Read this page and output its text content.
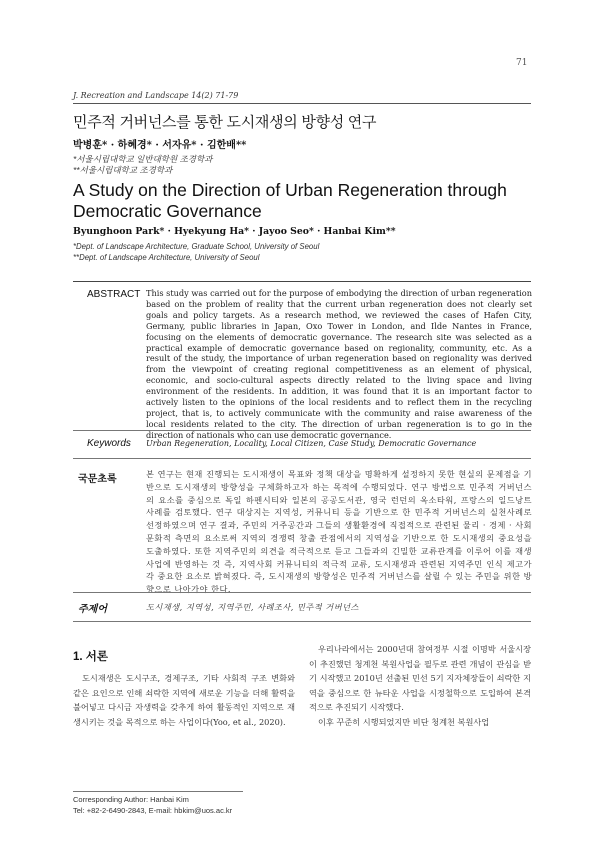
71
J. Recreation and Landscape 14(2) 71-79
민주적 거버넌스를 통한 도시재생의 방향성 연구
박병훈* · 하혜경* · 서자유* · 김한배**
*서울시립대학교 일반대학원 조경학과
**서울시립대학교 조경학과
A Study on the Direction of Urban Regeneration through Democratic Governance
Byunghoon Park* · Hyekyung Ha* · Jayoo Seo* · Hanbai Kim**
*Dept. of Landscape Architecture, Graduate School, University of Seoul
**Dept. of Landscape Architecture, University of Seoul
ABSTRACT This study was carried out for the purpose of embodying the direction of urban regeneration based on the problem of reality that the current urban regeneration does not clearly set goals and policy targets. As a research method, we reviewed the cases of Hafen City, Germany, public libraries in Japan, Oxo Tower in London, and Ilde Nantes in France, focusing on the elements of democratic governance. The research site was selected as a practical example of democratic governance based on regionality, community, etc. As a result of the study, the importance of urban regeneration based on regionality was derived from the viewpoint of creating regional competitiveness as an element of physical, economic, and socio-cultural aspects directly related to the living space and living environment of the residents. In addition, it was found that it is an important factor to actively listen to the opinions of the local residents and to reflect them in the recycling project, that is, to actively communicate with the community and raise awareness of the local residents related to the city. The direction of urban regeneration is to go in the direction of nationals who can use democratic governance.
Keywords Urban Regeneration, Locality, Local Citizen, Case Study, Democratic Governance
국문초록	본 연구는 현재 진행되는 도시재생이 목표와 정책 대상을 명확하게 설정하지 못한 현실의 문제점을 기반으로 도시재생의 방향성을 구체화하고자 하는 목적에 수행되었다. 연구 방법으로 민주적 거버넌스의 요소를 중심으로 독일 하펜시티와 일본의 공공도서관, 영국 런던의 옥소타워, 프랑스의 일드낭트 사례를 검토했다. 연구 대상지는 지역성, 커뮤니티 등을 기반으로 한 민주적 거버넌스의 실천사례로 선정하였으며 연구 결과, 주민의 거주공간과 그들의 생활환경에 직접적으로 관련된 물리 · 경제 · 사회문화적 측면의 요소로써 지역의 경쟁력 창출 관점에서의 지역성을 기반으로 한 도시재생의 중요성을 도출하였다. 또한 지역주민의 의견을 적극적으로 듣고 그들과의 긴밀한 교류관계를 이루어 이를 재생사업에 반영하는 것 즉, 지역사회 커뮤니티의 적극적 교류, 도시재생과 관련된 지역주민 인식 제고가 각 중요한 요소로 밝혀졌다. 즉, 도시재생의 방향성은 민주적 거버넌스를 살릴 수 있는 주민을 위한 방향으로 나아가야 한다.
주제어	도시재생, 지역성, 지역주민, 사례조사, 민주적 거버넌스
1. 서론

도시재생은 도시구조, 경제구조, 기타 사회적 구조 변화와 같은 요인으로 인해 쇠락한 지역에 새로운 기능을 더해 활력을 불어넣고 다시금 자생력을 갖추게 하여 활동적인 지역으로 재생시키는 것을 목적으로 하는 사업이다(Yoo, et al., 2020).

우리나라에서는 2000년대 참여정부 시절 이명박 서울시장이 추진했던 청계천 복원사업을 필두로 관련 개념이 관심을 받기 시작했고 2010년 선출된 민선 5기 지자체장들이 쇠락한 지역을 중심으로 한 뉴타운 사업을 시정철학으로 도입하여 본격적으로 추진되기 시작했다.

이후 꾸준히 시행되었지만 비단 청계천 복원사업

Corresponding Author: Hanbai Kim
Tel: +82-2-6490-2843, E-mail: hbkim@uos.ac.kr
